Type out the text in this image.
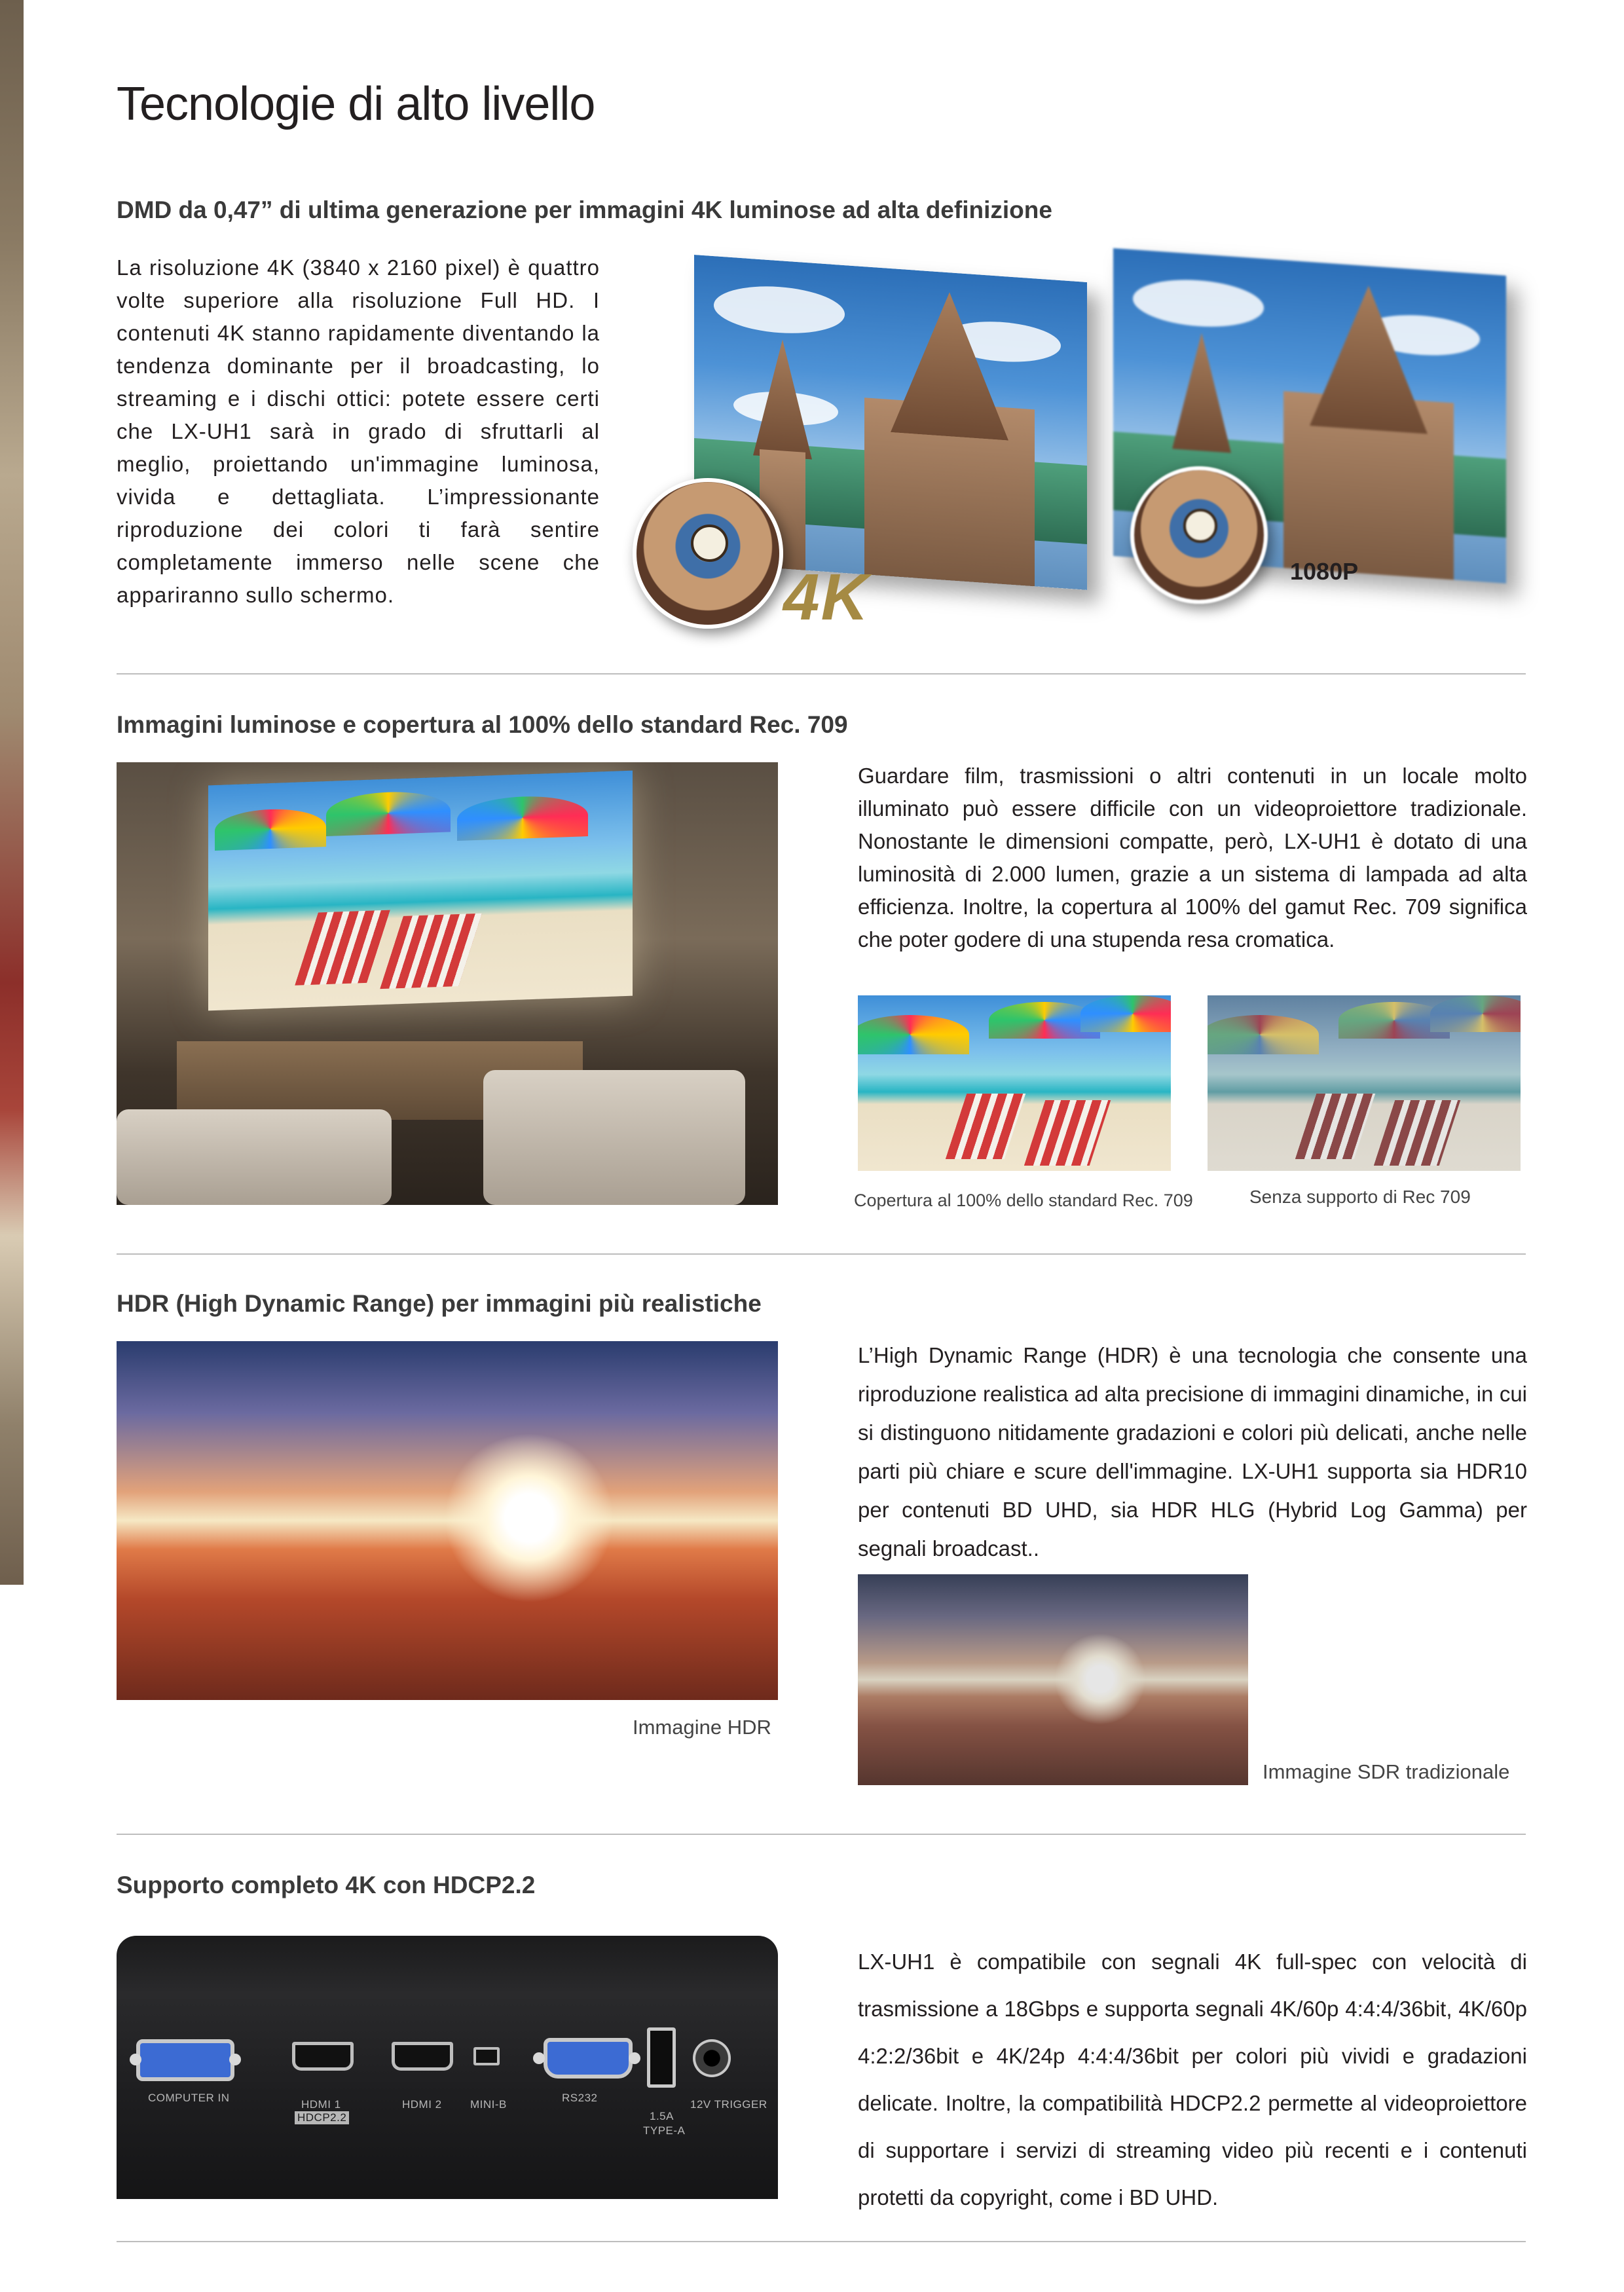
Tecnologie di alto livello
DMD da 0,47” di ultima generazione per immagini 4K luminose ad alta definizione

La risoluzione 4K (3840 x 2160 pixel) è quattro volte superiore alla risoluzione Full HD. I contenuti 4K stanno rapidamente diventando la tendenza dominante per il broadcasting, lo streaming e i dischi ottici: potete essere certi che LX-UH1 sarà in grado di sfruttarli al meglio, proiettando un'immagine luminosa, vivida e dettagliata. L’impressionante riproduzione dei colori ti farà sentire completamente immerso nelle scene che appariranno sullo schermo.	4K	1080P
Immagini luminose e copertura al 100% dello standard Rec. 709

Guardare film, trasmissioni o altri contenuti in un locale molto illuminato può essere difficile con un videoproiettore tradizionale. Nonostante le dimensioni compatte, però, LX-UH1 è dotato di una luminosità di 2.000 lumen, grazie a un sistema di lampada ad alta efficienza. Inoltre, la copertura al 100% del gamut Rec. 709 significa che poter godere di una stupenda resa cromatica.

Copertura al 100% dello standard Rec. 709	Senza supporto di Rec 709
HDR (High Dynamic Range) per immagini più realistiche

L’High Dynamic Range (HDR) è una tecnologia che consente una riproduzione realistica ad alta precisione di immagini dinamiche, in cui si distinguono nitidamente gradazioni e colori più delicati, anche nelle parti più chiare e scure dell'immagine. LX-UH1 supporta sia HDR10 per contenuti BD UHD, sia HDR HLG (Hybrid Log Gamma) per segnali broadcast..

Immagine HDR
Immagine SDR tradizionale
Supporto completo 4K con HDCP2.2
COMPUTER IN
HDMI 1
HDCP2.2
HDMI 2	MINI-B
RS232
1.5A
TYPE-A
12V TRIGGER

LX-UH1 è compatibile con segnali 4K full-spec con velocità di trasmissione a 18Gbps e supporta segnali 4K/60p 4:4:4/36bit, 4K/60p 4:2:2/36bit e 4K/24p 4:4:4/36bit per colori più vividi e gradazioni delicate. Inoltre, la compatibilità HDCP2.2 permette al videoproiettore di supportare i servizi di streaming video più recenti e i contenuti protetti da copyright, come i BD UHD.
